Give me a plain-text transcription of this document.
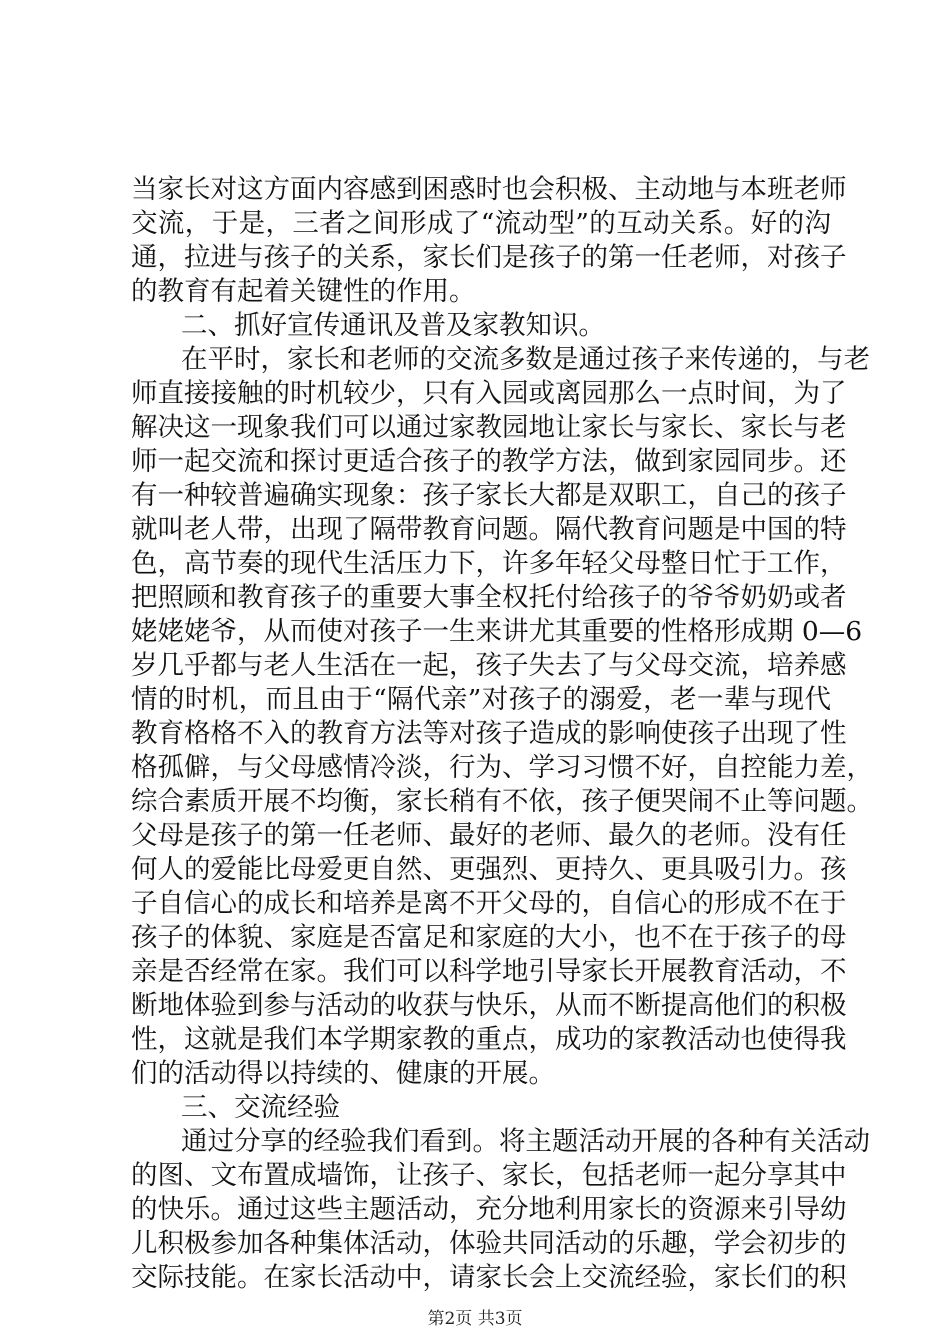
当家长对这方面内容感到困惑时也会积极、主动地与本班老师
交流，于是，三者之间形成了“流动型”的互动关系。好的沟
通，拉进与孩子的关系，家长们是孩子的第一任老师，对孩子
的教育有起着关键性的作用。
二、抓好宣传通讯及普及家教知识。
在平时，家长和老师的交流多数是通过孩子来传递的，与老
师直接接触的时机较少，只有入园或离园那么一点时间，为了
解决这一现象我们可以通过家教园地让家长与家长、家长与老
师一起交流和探讨更适合孩子的教学方法，做到家园同步。还
有一种较普遍确实现象：孩子家长大都是双职工，自己的孩子
就叫老人带，出现了隔带教育问题。隔代教育问题是中国的特
色，高节奏的现代生活压力下，许多年轻父母整日忙于工作，
把照顾和教育孩子的重要大事全权托付给孩子的爷爷奶奶或者
姥姥姥爷，从而使对孩子一生来讲尤其重要的性格形成期 0—6
岁几乎都与老人生活在一起，孩子失去了与父母交流，培养感
情的时机，而且由于“隔代亲”对孩子的溺爱，老一辈与现代
教育格格不入的教育方法等对孩子造成的影响使孩子出现了性
格孤僻，与父母感情冷淡，行为、学习习惯不好，自控能力差，
综合素质开展不均衡，家长稍有不依，孩子便哭闹不止等问题。
父母是孩子的第一任老师、最好的老师、最久的老师。没有任
何人的爱能比母爱更自然、更强烈、更持久、更具吸引力。孩
子自信心的成长和培养是离不开父母的，自信心的形成不在于
孩子的体貌、家庭是否富足和家庭的大小，也不在于孩子的母
亲是否经常在家。我们可以科学地引导家长开展教育活动，不
断地体验到参与活动的收获与快乐，从而不断提高他们的积极
性，这就是我们本学期家教的重点，成功的家教活动也使得我
们的活动得以持续的、健康的开展。
三、交流经验
通过分享的经验我们看到。将主题活动开展的各种有关活动
的图、文布置成墙饰，让孩子、家长，包括老师一起分享其中
的快乐。通过这些主题活动，充分地利用家长的资源来引导幼
儿积极参加各种集体活动，体验共同活动的乐趣，学会初步的
交际技能。在家长活动中，请家长会上交流经验，家长们的积
第2页 共3页
